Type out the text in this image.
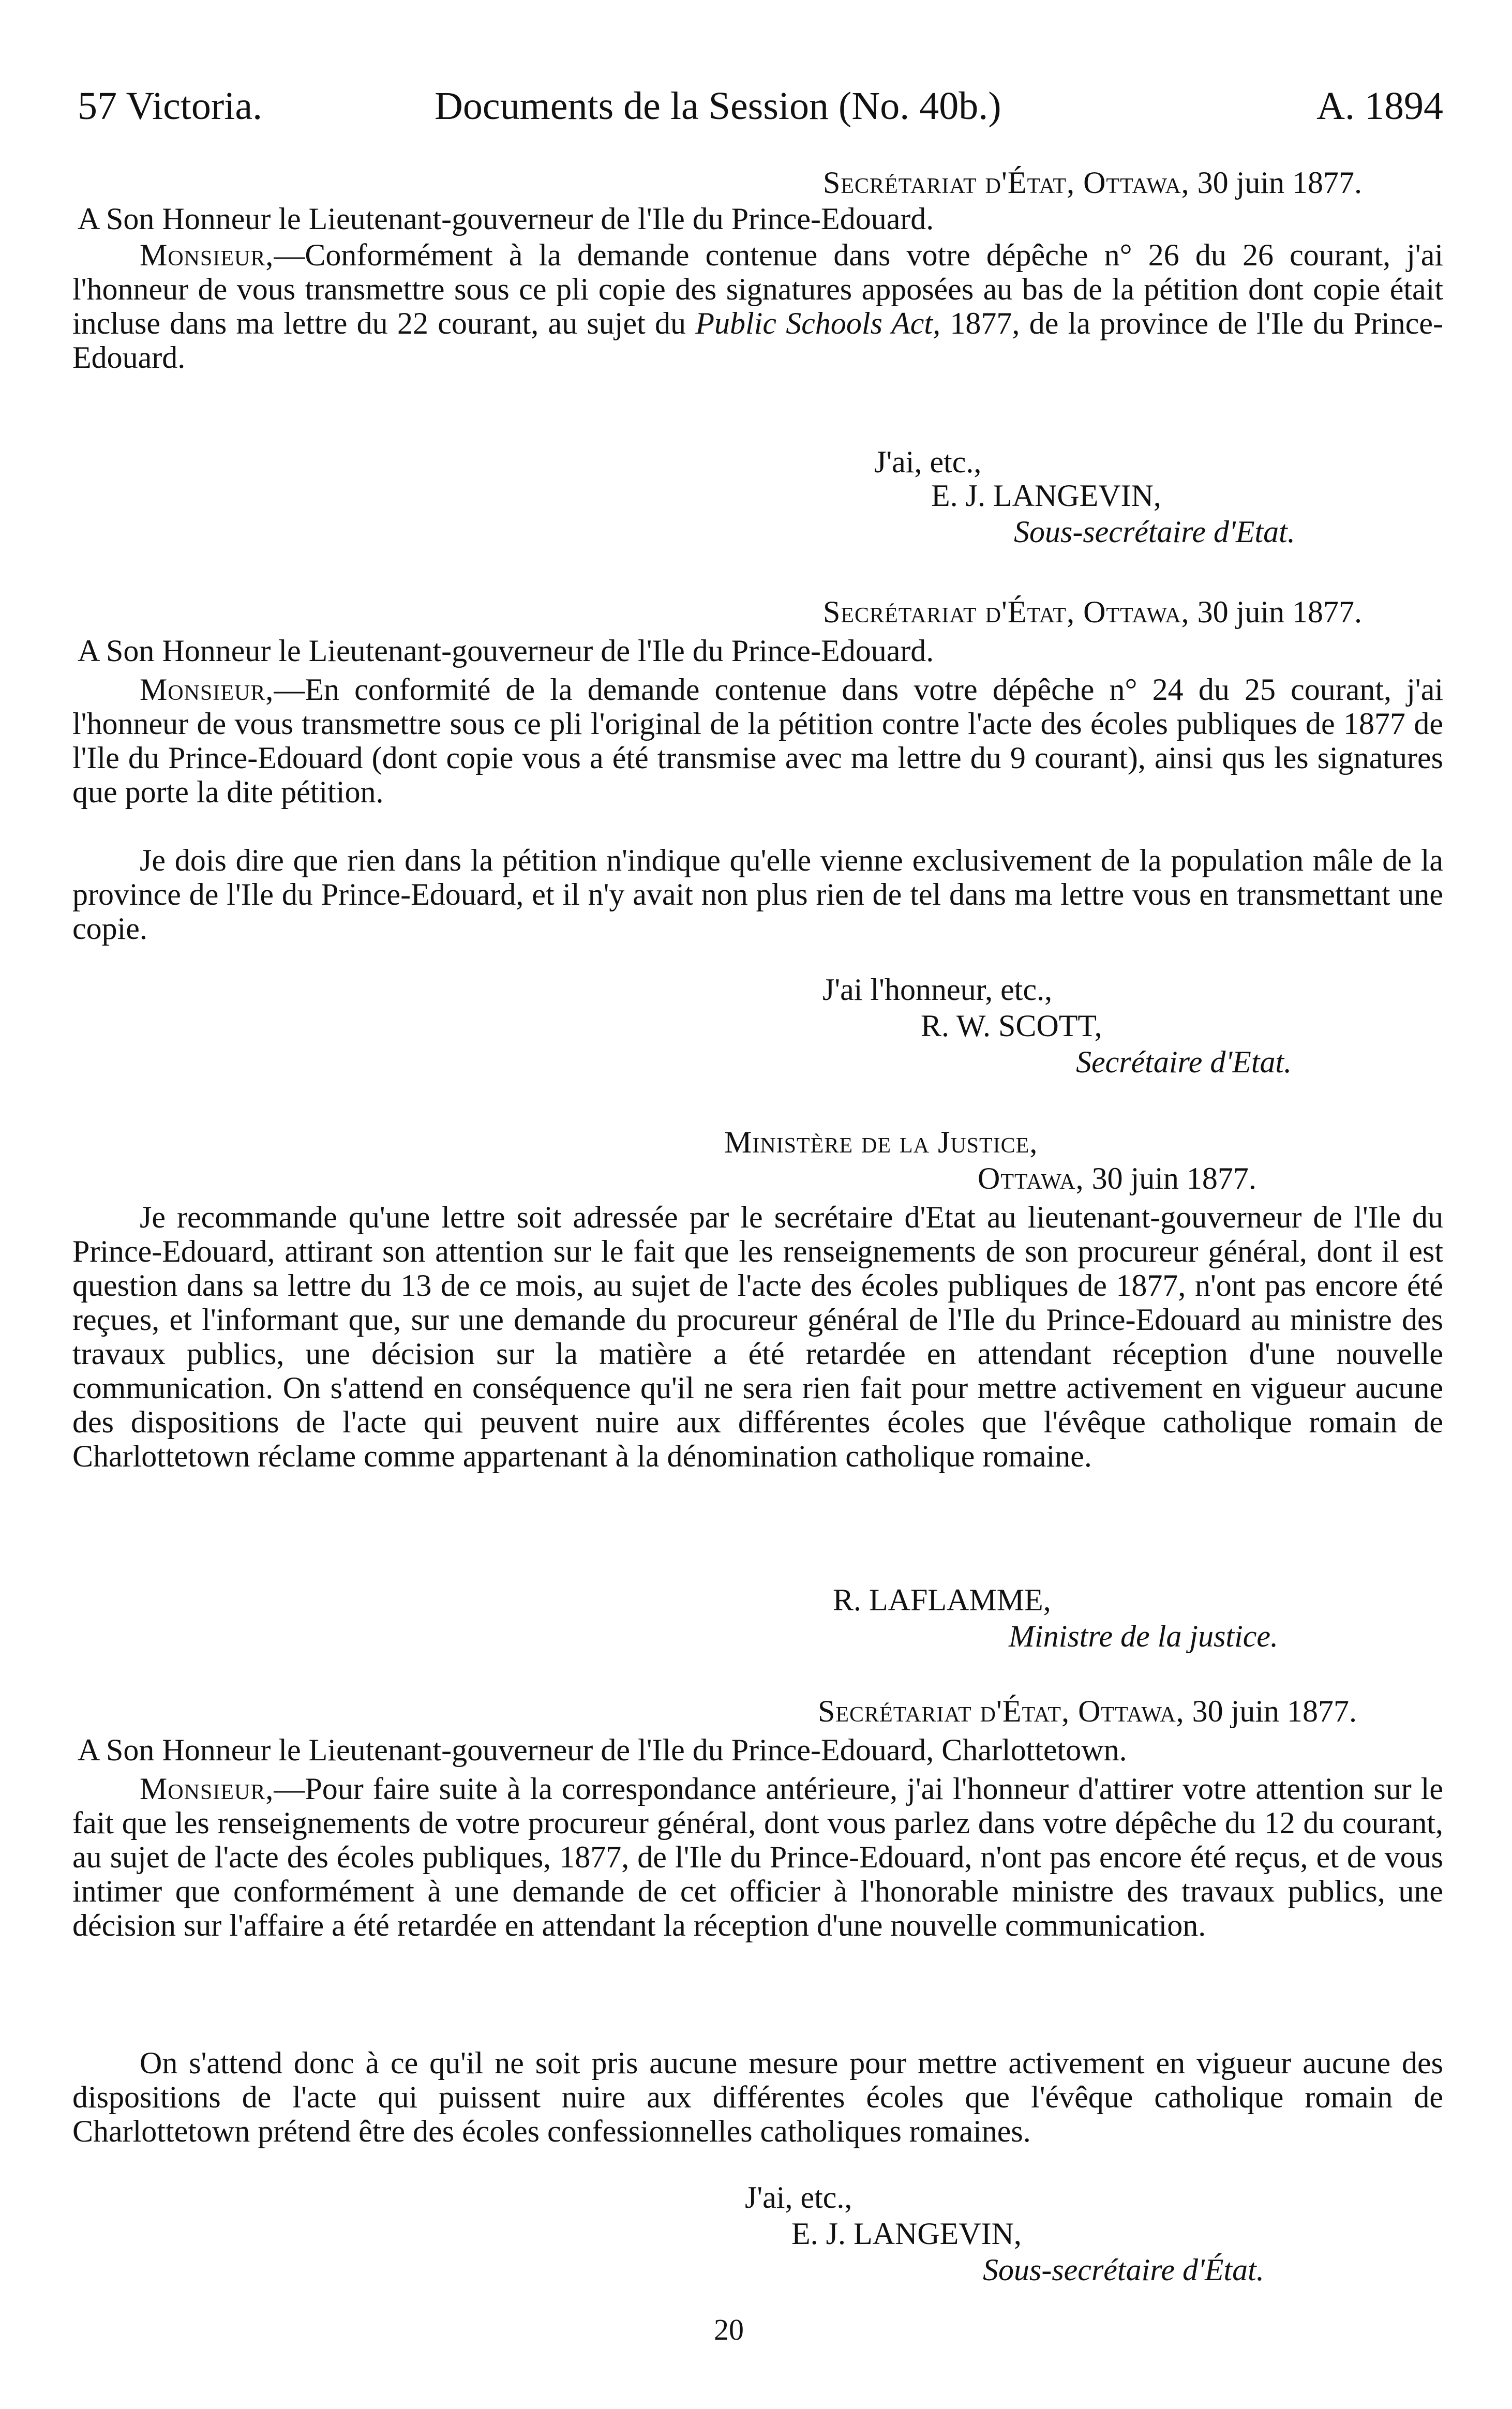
57 Victoria.	Documents de la Session (No. 40b.)	A. 1894
Secrétariat d'État, Ottawa, 30 juin 1877.
A Son Honneur le Lieutenant-gouverneur de l'Ile du Prince-Edouard.

Monsieur,—Conformément à la demande contenue dans votre dépêche n° 26 du 26 courant, j'ai l'honneur de vous transmettre sous ce pli copie des signatures apposées au bas de la pétition dont copie était incluse dans ma lettre du 22 courant, au sujet du Public Schools Act, 1877, de la province de l'Ile du Prince-Edouard.

J'ai, etc.,
E. J. LANGEVIN,
Sous-secrétaire d'Etat.
Secrétariat d'État, Ottawa, 30 juin 1877.
A Son Honneur le Lieutenant-gouverneur de l'Ile du Prince-Edouard.

Monsieur,—En conformité de la demande contenue dans votre dépêche n° 24 du 25 courant, j'ai l'honneur de vous transmettre sous ce pli l'original de la pétition contre l'acte des écoles publiques de 1877 de l'Ile du Prince-Edouard (dont copie vous a été transmise avec ma lettre du 9 courant), ainsi qus les signatures que porte la dite pétition.

Je dois dire que rien dans la pétition n'indique qu'elle vienne exclusivement de la population mâle de la province de l'Ile du Prince-Edouard, et il n'y avait non plus rien de tel dans ma lettre vous en transmettant une copie.

J'ai l'honneur, etc.,
R. W. SCOTT,
Secrétaire d'Etat.
Ministère de la Justice,
Ottawa, 30 juin 1877.

Je recommande qu'une lettre soit adressée par le secrétaire d'Etat au lieutenant-gouverneur de l'Ile du Prince-Edouard, attirant son attention sur le fait que les renseignements de son procureur général, dont il est question dans sa lettre du 13 de ce mois, au sujet de l'acte des écoles publiques de 1877, n'ont pas encore été reçues, et l'informant que, sur une demande du procureur général de l'Ile du Prince-Edouard au ministre des travaux publics, une décision sur la matière a été retardée en attendant réception d'une nouvelle communication. On s'attend en conséquence qu'il ne sera rien fait pour mettre activement en vigueur aucune des dispositions de l'acte qui peuvent nuire aux différentes écoles que l'évêque catholique romain de Charlottetown réclame comme appartenant à la dénomination catholique romaine.

R. LAFLAMME,
Ministre de la justice.
Secrétariat d'État, Ottawa, 30 juin 1877.
A Son Honneur le Lieutenant-gouverneur de l'Ile du Prince-Edouard, Charlottetown.

Monsieur,—Pour faire suite à la correspondance antérieure, j'ai l'honneur d'attirer votre attention sur le fait que les renseignements de votre procureur général, dont vous parlez dans votre dépêche du 12 du courant, au sujet de l'acte des écoles publiques, 1877, de l'Ile du Prince-Edouard, n'ont pas encore été reçus, et de vous intimer que conformément à une demande de cet officier à l'honorable ministre des travaux publics, une décision sur l'affaire a été retardée en attendant la réception d'une nouvelle communication.

On s'attend donc à ce qu'il ne soit pris aucune mesure pour mettre activement en vigueur aucune des dispositions de l'acte qui puissent nuire aux différentes écoles que l'évêque catholique romain de Charlottetown prétend être des écoles confessionnelles catholiques romaines.

J'ai, etc.,
E. J. LANGEVIN,
Sous-secrétaire d'État.
20
